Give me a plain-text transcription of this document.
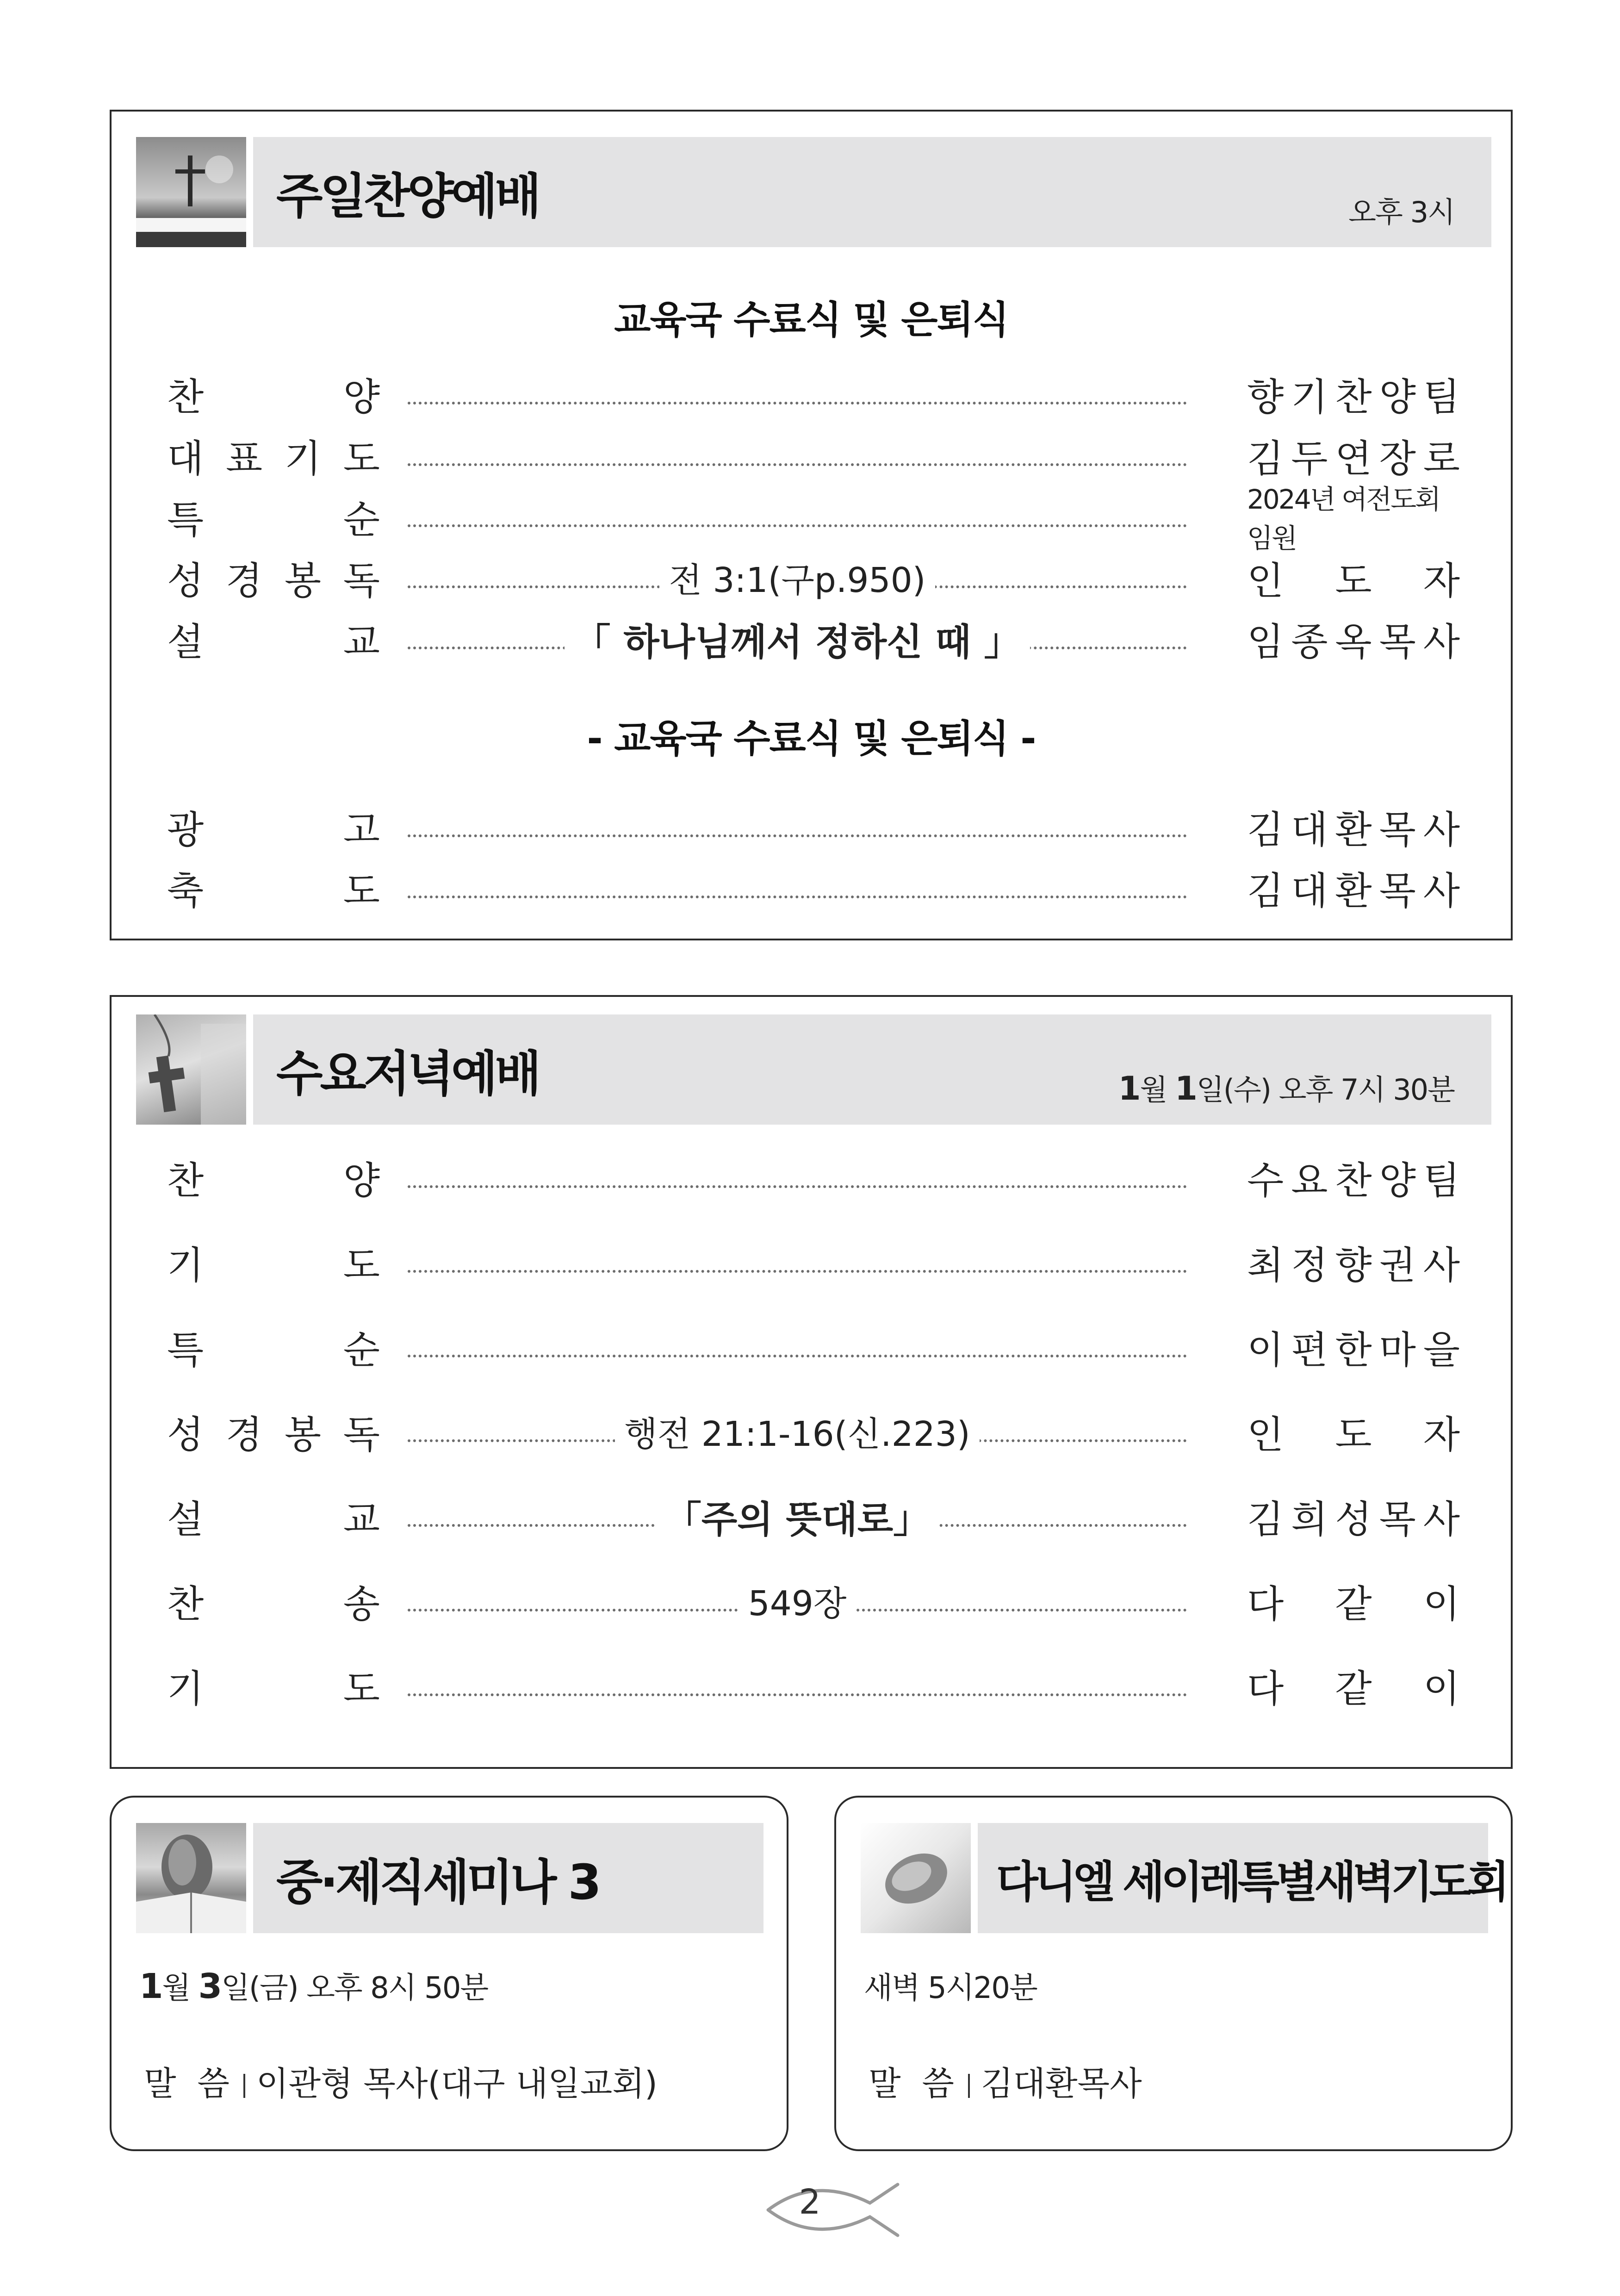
주일찬양예배	오후 3시
교육국 수료식 및 은퇴식
찬	양	향 기 찬 양 팀
대 표 기 도	김 두 연 장 로
특	순	2024년 여전도회 임원
성 경 봉 독	전 3:1(구p.950)	인 도 자
설	교	「 하나님께서 정하신 때 」	임 종 옥 목 사
- 교육국 수료식 및 은퇴식 -
광	고	김 대 환 목 사
축	도	김 대 환 목 사
수요저녁예배	1월 1일(수) 오후 7시 30분
찬	양	수 요 찬 양 팀
기	도	최 정 향 권 사
특	순	이 편 한 마 을
성 경 봉 독	행전 21:1-16(신.223)	인 도 자
설	교	「주의 뜻대로」	김 희 성 목 사
찬	송	549장	다 같 이
기	도	다 같 이
중·제직세미나 3
1월 3일(금) 오후 8시 50분
말  씀 이관형 목사(대구 내일교회)
다니엘 세이레특별새벽기도회
새벽 5시20분
말  씀 김대환목사
2
